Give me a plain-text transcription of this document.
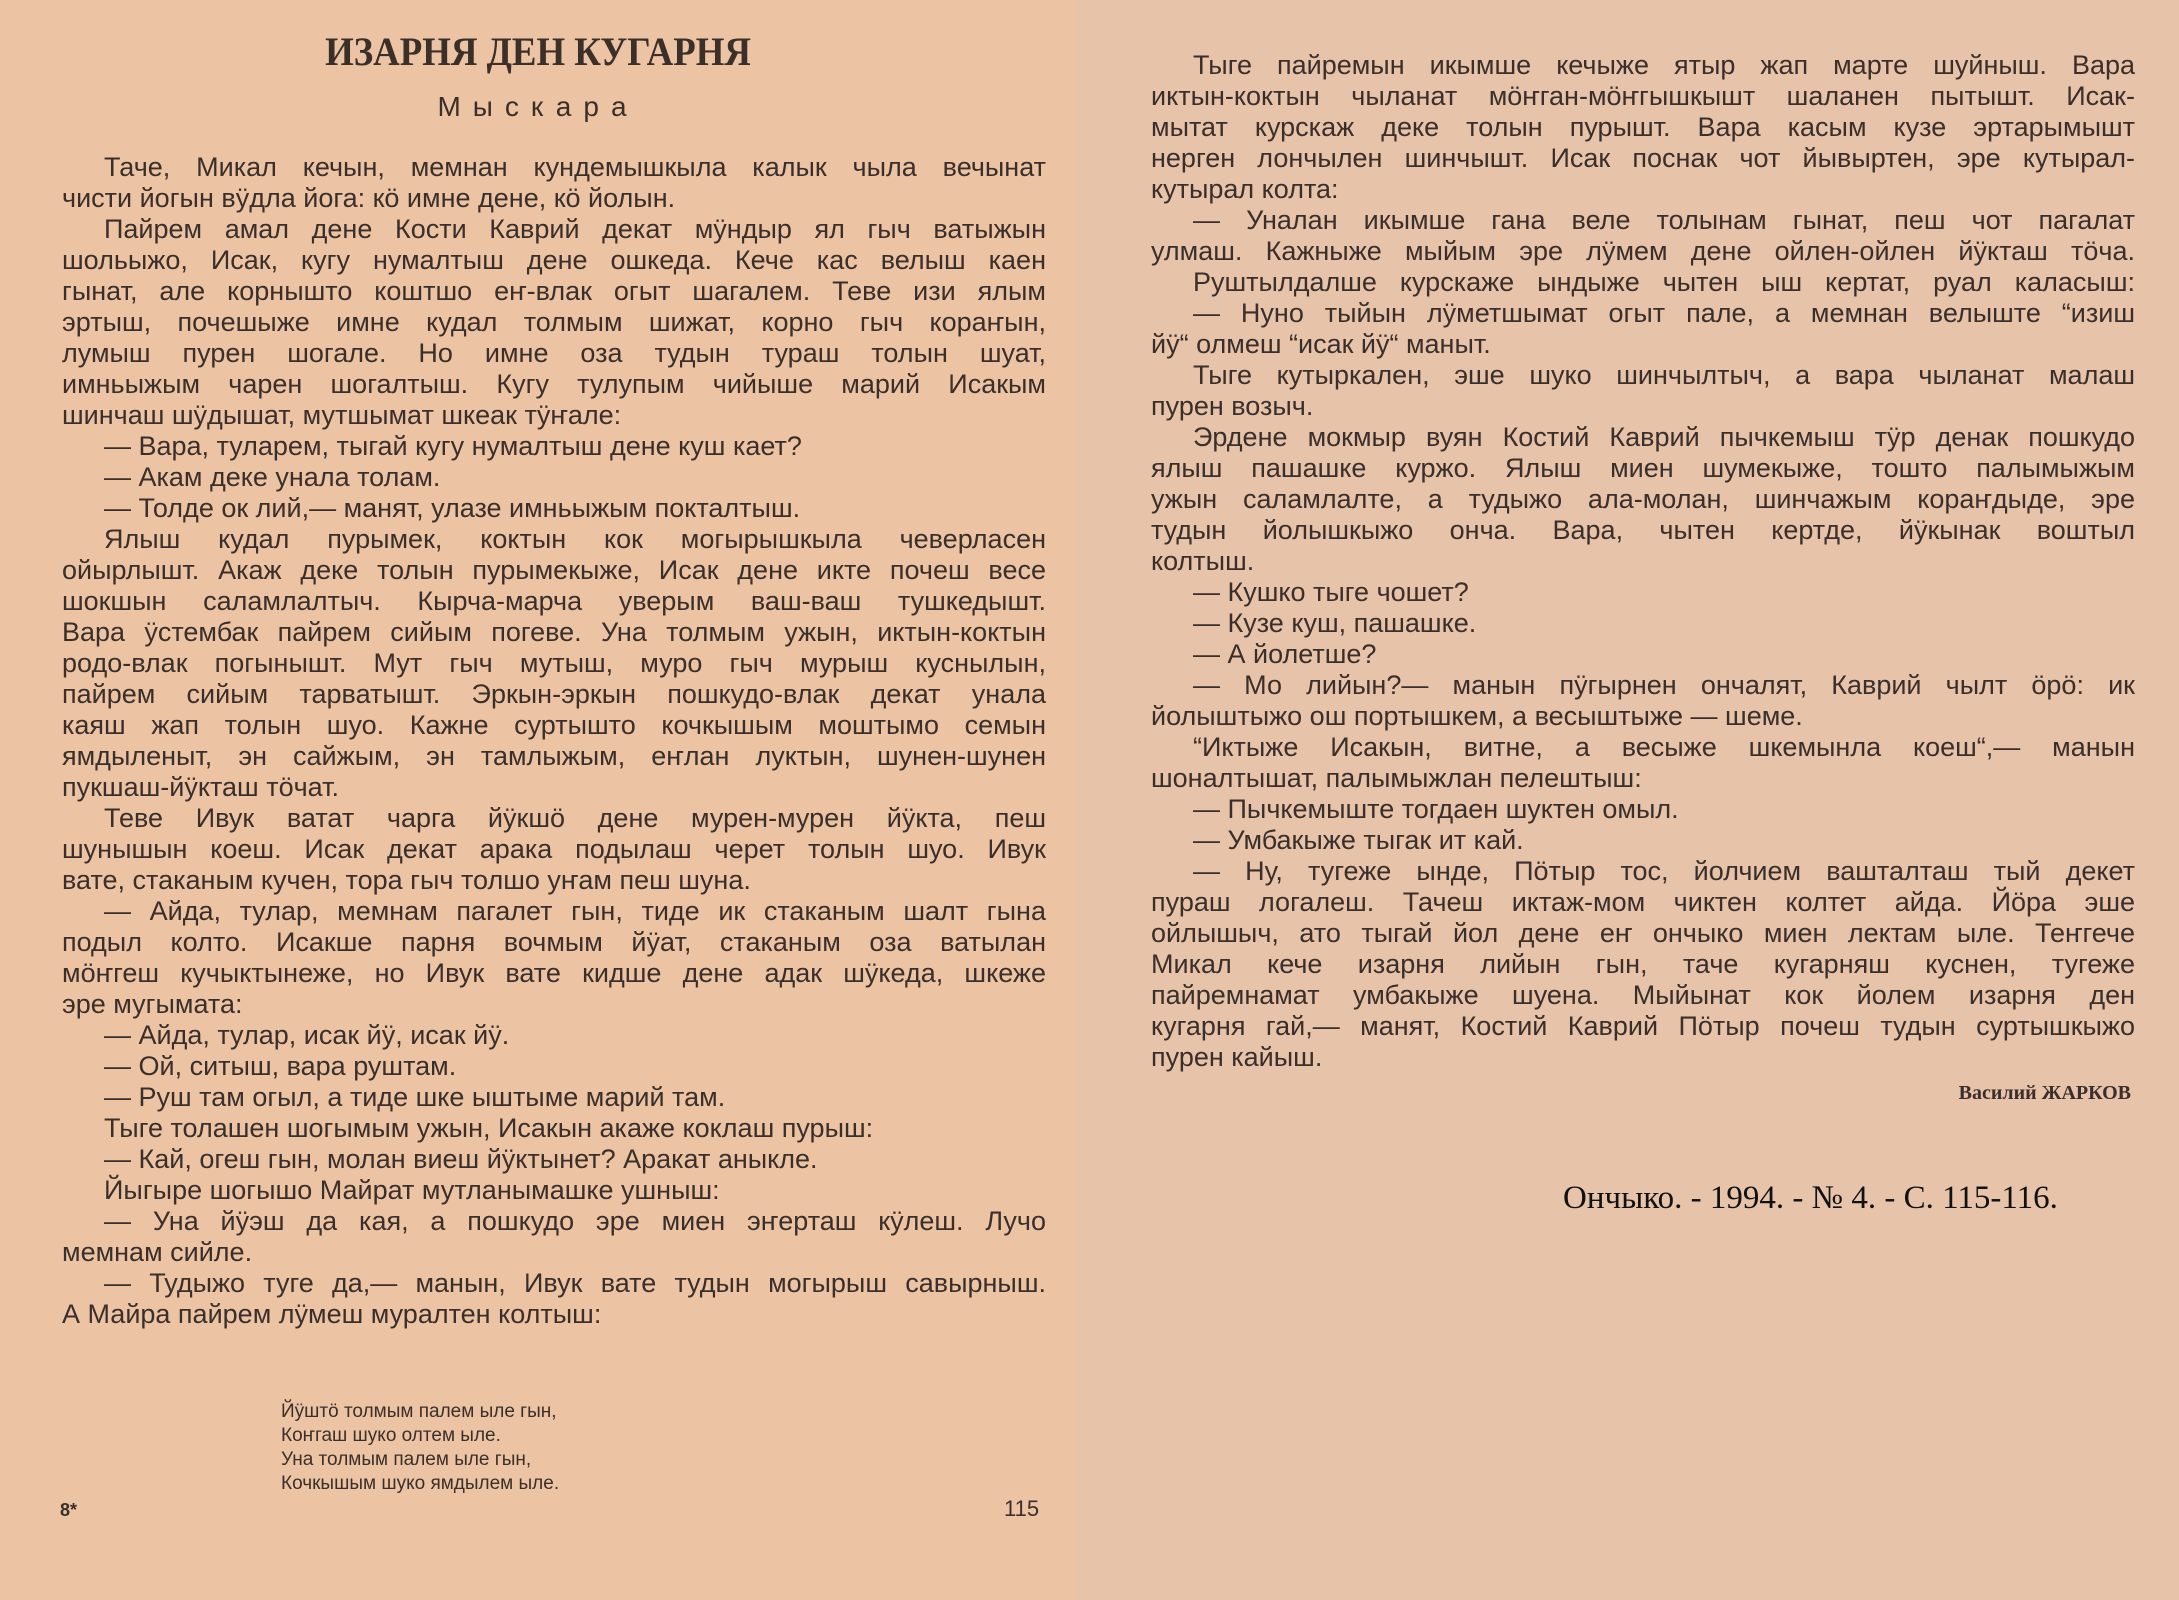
ИЗАРНЯ ДЕН КУГАРНЯ
Мыскара
Таче, Микал кечын, мемнан кундемышкыла калык чыла вечынат
чисти йогын вӱдла йога: кӧ имне дене, кӧ йолын.
Пайрем амал дене Кости Каврий декат мӱндыр ял гыч ватыжын
шольыжо, Исак, кугу нумалтыш дене ошкеда. Кече кас велыш каен
гынат, але корнышто коштшо еҥ-влак огыт шагалем. Теве изи ялым
эртыш, почешыже имне кудал толмым шижат, корно гыч кораҥын,
лумыш пурен шогале. Но имне оза тудын тураш толын шуат,
имньыжым чарен шогалтыш. Кугу тулупым чийыше марий Исакым
шинчаш шӱдышат, мутшымат шкеак тӱҥале:
— Вара, туларем, тыгай кугу нумалтыш дене куш кает?
— Акам деке унала толам.
— Толде ок лий,— манят, улазе имньыжым покталтыш.
Ялыш кудал пурымек, коктын кок могырышкыла чеверласен
ойырлышт. Акаж деке толын пурымекыже, Исак дене икте почеш весе
шокшын саламлалтыч. Кырча-марча уверым ваш-ваш тушкедышт.
Вара ӱстембак пайрем сийым погеве. Уна толмым ужын, иктын-коктын
родо-влак погынышт. Мут гыч мутыш, муро гыч мурыш куснылын,
пайрем сийым тарватышт. Эркын-эркын пошкудо-влак декат унала
каяш жап толын шуо. Кажне суртышто кочкышым моштымо семын
ямдыленыт, эн сайжым, эн тамлыжым, еҥлан луктын, шунен-шунен
пукшаш-йӱкташ тӧчат.
Теве Ивук ватат чарга йӱкшӧ дене мурен-мурен йӱкта, пеш
шунышын коеш. Исак декат арака подылаш черет толын шуо. Ивук
вате, стаканым кучен, тора гыч толшо уҥам пеш шуна.
— Айда, тулар, мемнам пагалет гын, тиде ик стаканым шалт гына
подыл колто. Исакше парня вочмым йӱат, стаканым оза ватылан
мӧҥгеш кучыктынеже, но Ивук вате кидше дене адак шӱкеда, шкеже
эре мугымата:
— Айда, тулар, исак йӱ, исак йӱ.
— Ой, ситыш, вара руштам.
— Руш там огыл, а тиде шке ыштыме марий там.
Тыге толашен шогымым ужын, Исакын акаже коклаш пурыш:
— Кай, огеш гын, молан виеш йӱктынет? Аракат аныкле.
Йыгыре шогышо Майрат мутланымашке ушныш:
— Уна йӱэш да кая, а пошкудо эре миен эҥерташ кӱлеш. Лучо
мемнам сийле.
— Тудыжо туге да,— манын, Ивук вате тудын могырыш савырныш.
А Майра пайрем лӱмеш муралтен колтыш:
Тыге пайремын икымше кечыже ятыр жап марте шуйныш. Вара
иктын-коктын чыланат мӧҥган-мӧҥгышкышт шаланен пытышт. Исак-
мытат курскаж деке толын пурышт. Вара касым кузе эртарымышт
нерген лончылен шинчышт. Исак поснак чот йывыртен, эре кутырал-
кутырал колта:
— Уналан икымше гана веле толынам гынат, пеш чот пагалат
улмаш. Кажныже мыйым эре лӱмем дене ойлен-ойлен йӱкташ тӧча.
Руштылдалше курскаже ындыже чытен ыш кертат, руал каласыш:
— Нуно тыйын лӱметшымат огыт пале, а мемнан велыште “изиш
йӱ“ олмеш “исак йӱ“ маныт.
Тыге кутыркален, эше шуко шинчылтыч, а вара чыланат малаш
пурен возыч.
Эрдене мокмыр вуян Костий Каврий пычкемыш тӱр денак пошкудо
ялыш пашашке куржо. Ялыш миен шумекыже, тошто палымыжым
ужын саламлалте, а тудыжо ала-молан, шинчажым кораҥдыде, эре
тудын йолышкыжо онча. Вара, чытен кертде, йӱкынак воштыл
колтыш.
— Кушко тыге чошет?
— Кузе куш, пашашке.
— А йолетше?
— Мо лийын?— манын пӱгырнен ончалят, Каврий чылт ӧрӧ: ик
йолыштыжо ош портышкем, а весыштыже — шеме.
“Иктыже Исакын, витне, а весыже шкемынла коеш“,— манын
шоналтышат, палымыжлан пелештыш:
— Пычкемыште тогдаен шуктен омыл.
— Умбакыже тыгак ит кай.
— Ну, тугеже ынде, Пӧтыр тос, йолчием вашталташ тый декет
пураш логалеш. Тачеш иктаж-мом чиктен колтет айда. Йӧра эше
ойлышыч, ато тыгай йол дене еҥ ончыко миен лектам ыле. Теҥгече
Микал кече изарня лийын гын, таче кугарняш куснен, тугеже
пайремнамат умбакыже шуена. Мыйынат кок йолем изарня ден
кугарня гай,— манят, Костий Каврий Пӧтыр почеш тудын суртышкыжо
пурен кайыш.
Йӱштӧ толмым палем ыле гын,
Коҥгаш шуко олтем ыле.
Уна толмым палем ыле гын,
Кочкышым шуко ямдылем ыле.
8*	115
Василий ЖАРКОВ
Ончыко. - 1994. - № 4. - С. 115-116.
